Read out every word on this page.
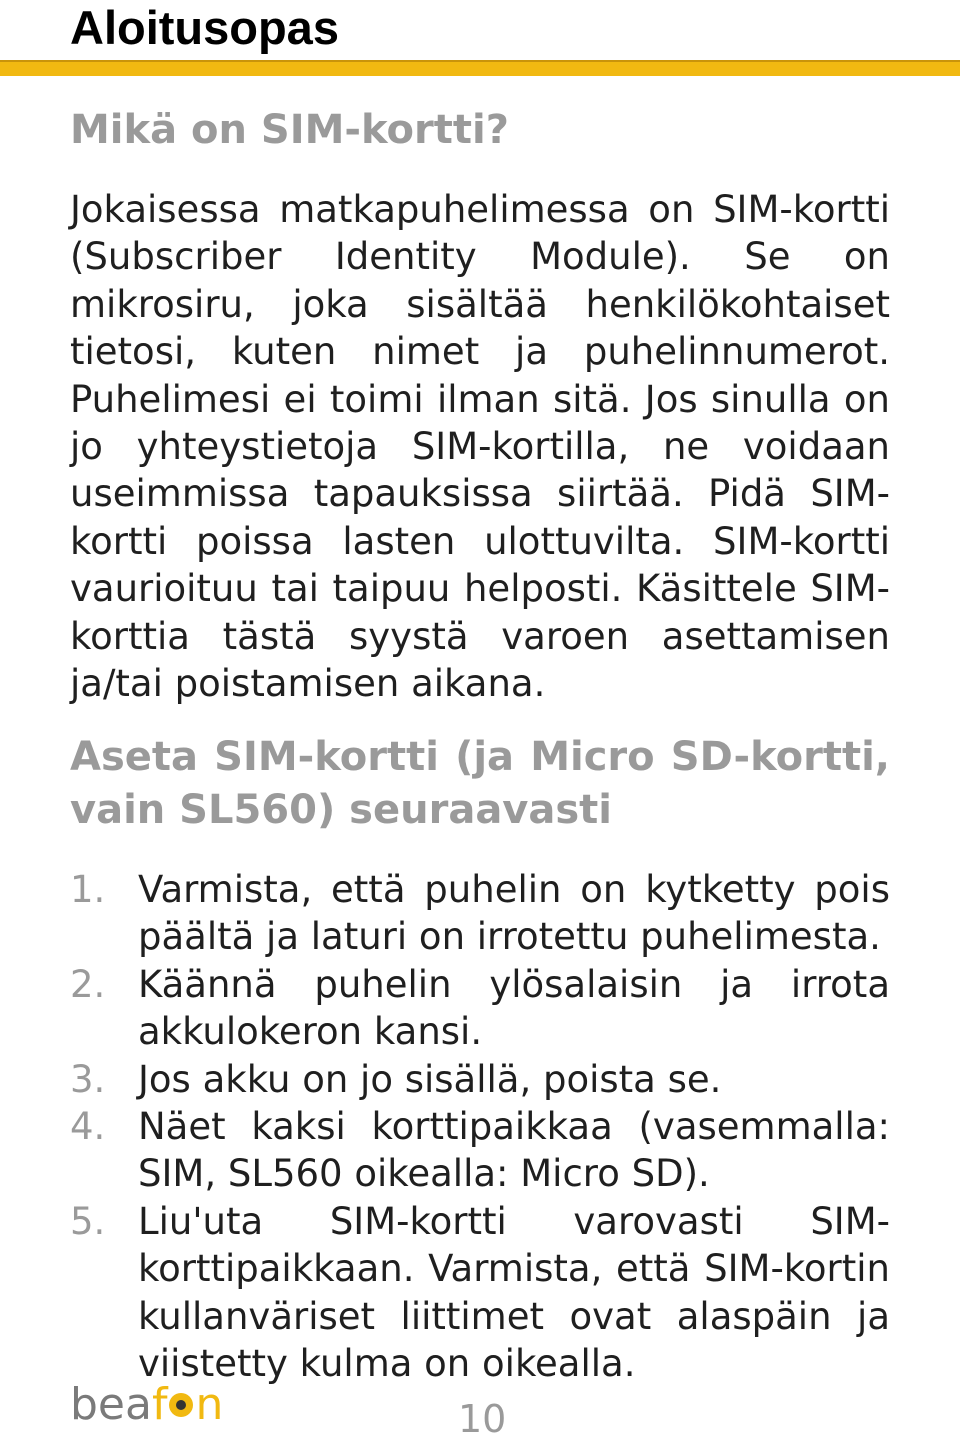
Aloitusopas
Mikä on SIM-kortti?
Jokaisessa matkapuhelimessa on SIM-kortti (Subscriber Identity Module). Se on mikrosiru, joka sisältää henkilökohtaiset tietosi, kuten nimet ja puhelinnumerot. Puhelimesi ei toimi ilman sitä. Jos sinulla on jo yhteystietoja SIM-kortilla, ne voidaan useimmissa tapauksissa siirtää. Pidä SIM-kortti poissa lasten ulottuvilta. SIM-kortti vaurioituu tai taipuu helposti. Käsittele SIM-korttia tästä syystä varoen asettamisen ja/tai poistamisen aikana.
Aseta SIM-kortti (ja Micro SD-kortti, vain SL560) seuraavasti
1. Varmista, että puhelin on kytketty pois päältä ja laturi on irrotettu puhelimesta.
2. Käännä puhelin ylösalaisin ja irrota akkulokeron kansi.
3. Jos akku on jo sisällä, poista se.
4. Näet kaksi korttipaikkaa (vasemmalla: SIM, SL560 oikealla: Micro SD).
5. Liu'uta SIM-kortti varovasti SIM-korttipaikkaan. Varmista, että SIM-kortin kullanväriset liittimet ovat alaspäin ja viistetty kulma on oikealla.
bea f n	10
